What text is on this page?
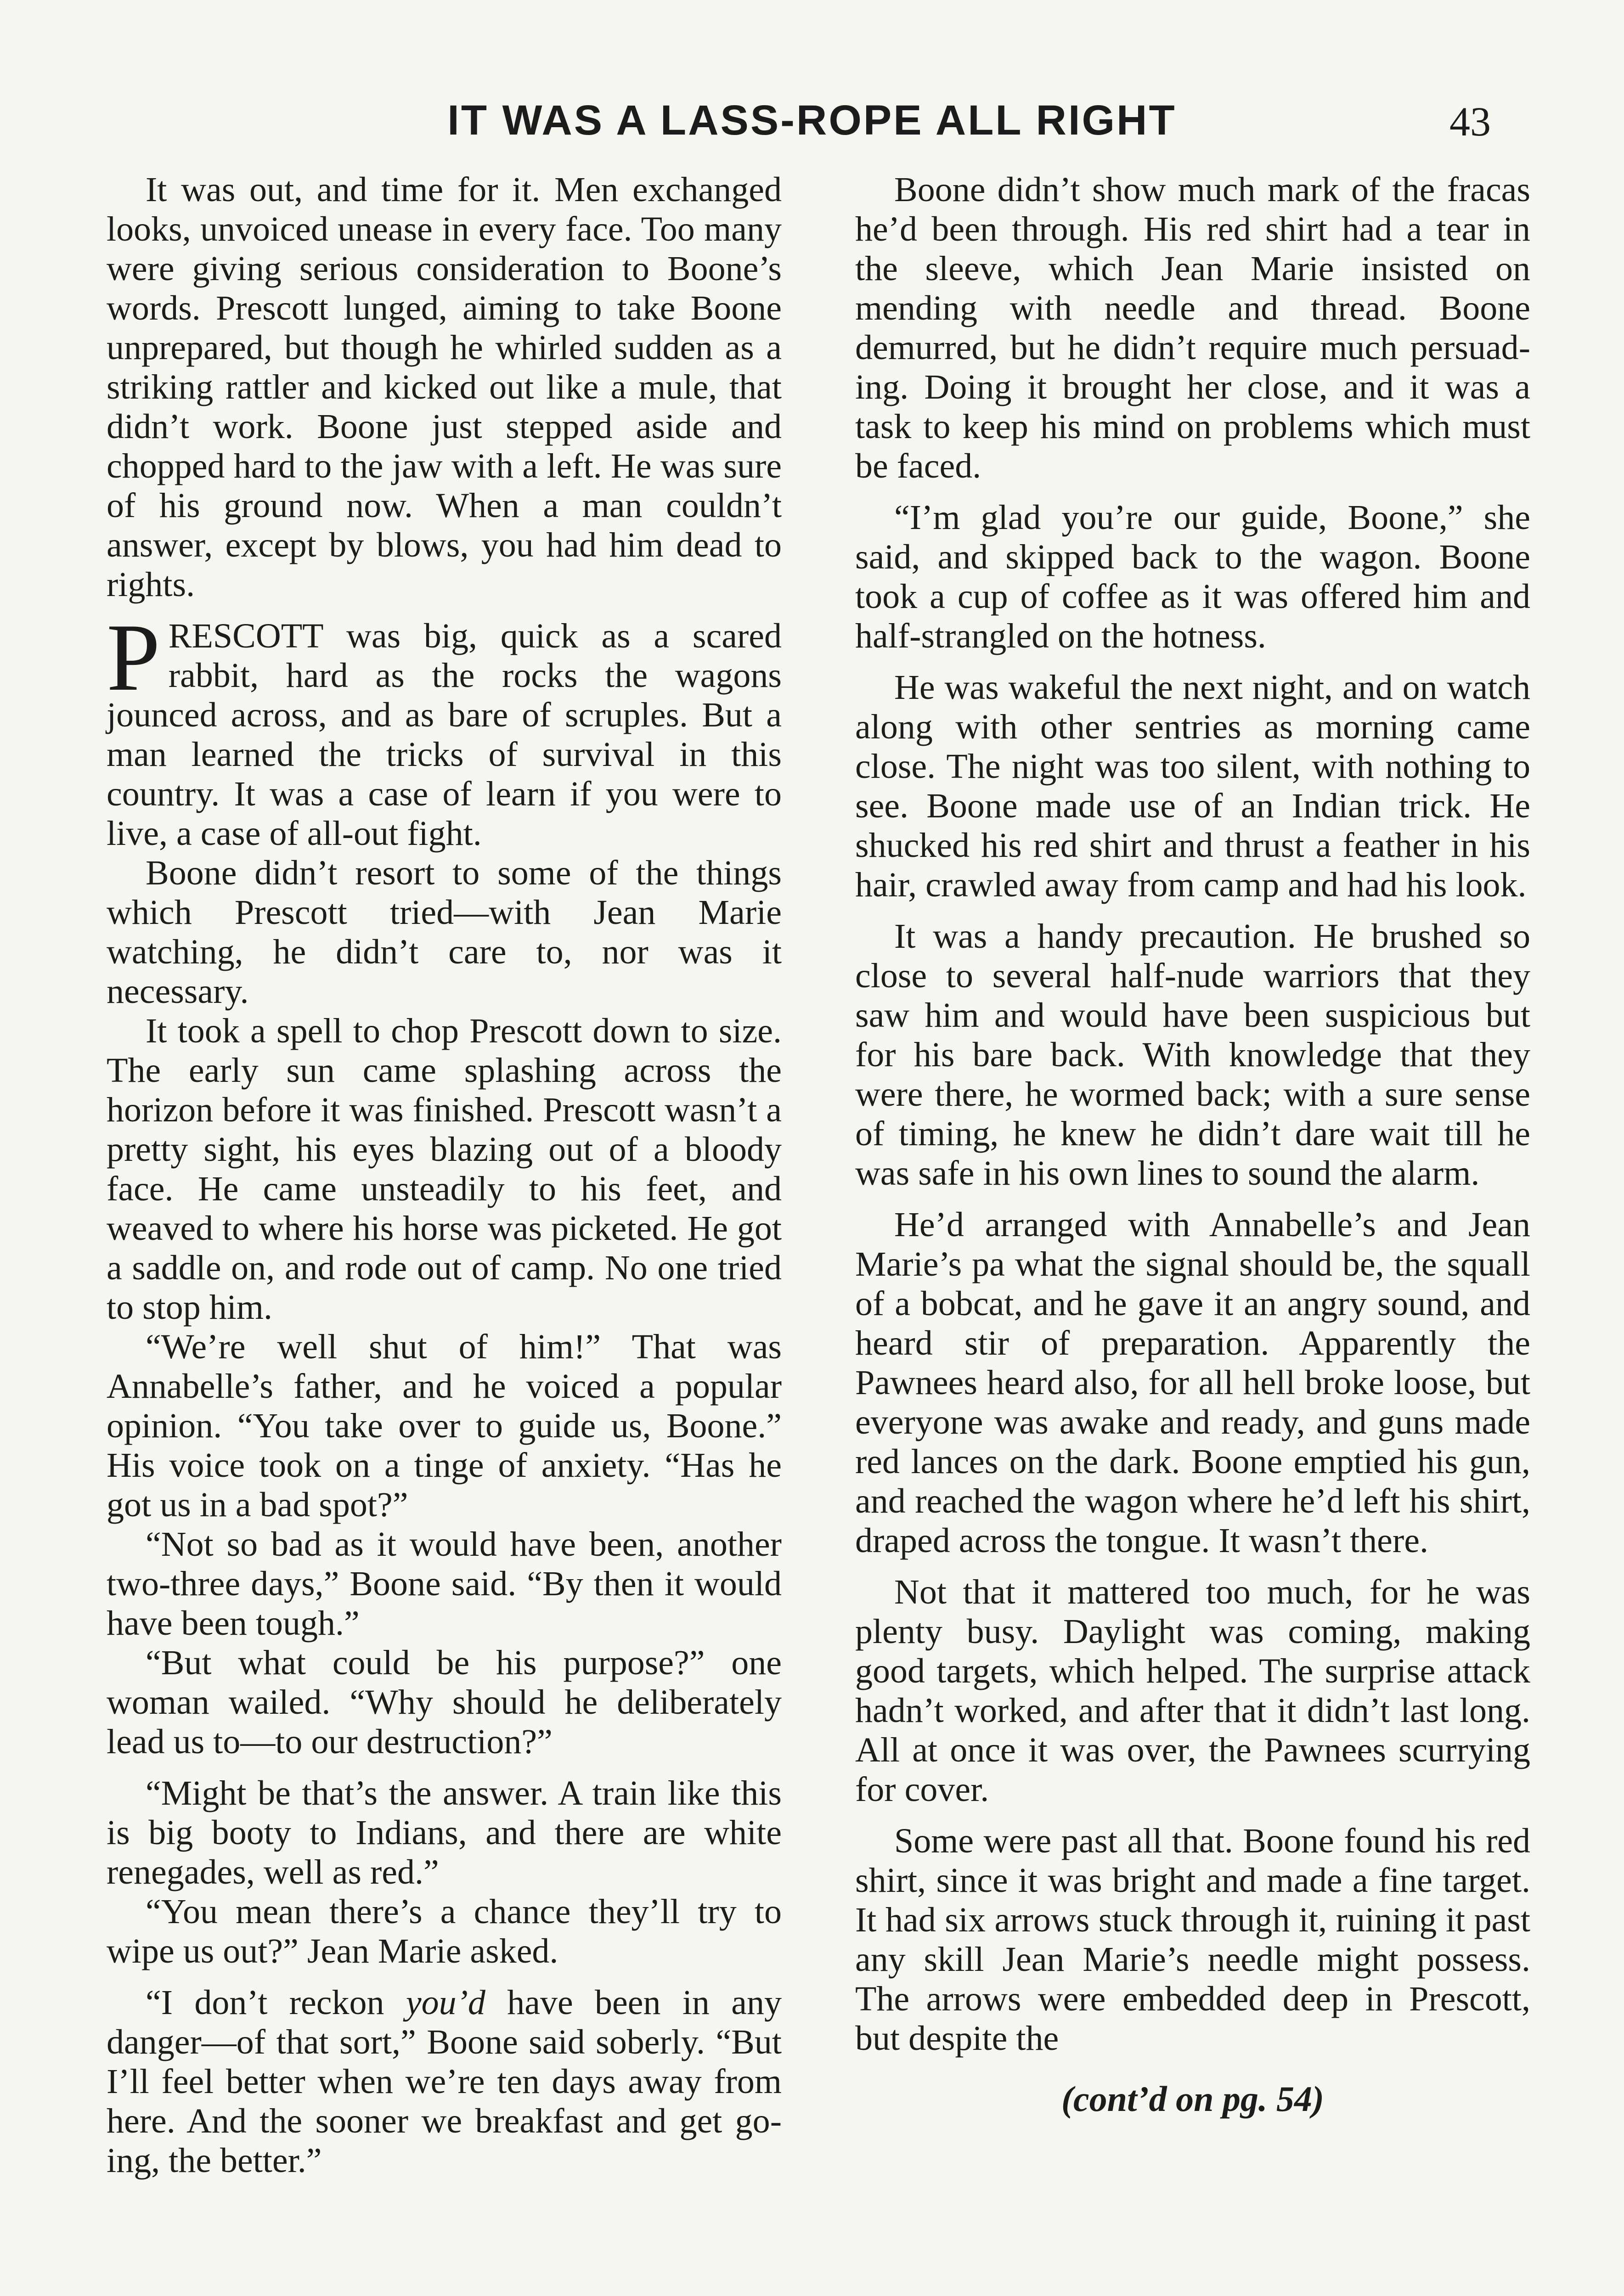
IT WAS A LASS-ROPE ALL RIGHT	43

It was out, and time for it. Men exchanged looks, unvoiced unease in every face. Too many were giving serious consideration to Boone’s words. Prescott lunged, aiming to take Boone unprepared, but though he whirled sudden as a striking rattler and kicked out like a mule, that didn’t work. Boone just stepped aside and chopped hard to the jaw with a left. He was sure of his ground now. When a man couldn’t answer, except by blows, you had him dead to rights.

PRESCOTT was big, quick as a scared rabbit, hard as the rocks the wagons jounced across, and as bare of scruples. But a man learned the tricks of survival in this country. It was a case of learn if you were to live, a case of all-out fight.

Boone didn’t resort to some of the things which Prescott tried—with Jean Marie watching, he didn’t care to, nor was it necessary.

It took a spell to chop Prescott down to size. The early sun came splashing across the horizon before it was finished. Prescott wasn’t a pretty sight, his eyes blazing out of a bloody face. He came unsteadily to his feet, and weaved to where his horse was picketed. He got a saddle on, and rode out of camp. No one tried to stop him.

“We’re well shut of him!” That was Annabelle’s father, and he voiced a popular opinion. “You take over to guide us, Boone.” His voice took on a tinge of anxiety. “Has he got us in a bad spot?”

“Not so bad as it would have been, another two-three days,” Boone said. “By then it would have been tough.”

“But what could be his purpose?” one woman wailed. “Why should he deliberately lead us to—to our destruction?”

“Might be that’s the answer. A train like this is big booty to Indians, and there are white renegades, well as red.”

“You mean there’s a chance they’ll try to wipe us out?” Jean Marie asked.

“I don’t reckon you’d have been in any danger—of that sort,” Boone said soberly. “But I’ll feel better when we’re ten days away from here. And the sooner we breakfast and get going, the better.”

Boone didn’t show much mark of the fracas he’d been through. His red shirt had a tear in the sleeve, which Jean Marie insisted on mending with needle and thread. Boone demurred, but he didn’t require much persuading. Doing it brought her close, and it was a task to keep his mind on problems which must be faced.

“I’m glad you’re our guide, Boone,” she said, and skipped back to the wagon. Boone took a cup of coffee as it was offered him and half-strangled on the hotness.

He was wakeful the next night, and on watch along with other sentries as morning came close. The night was too silent, with nothing to see. Boone made use of an Indian trick. He shucked his red shirt and thrust a feather in his hair, crawled away from camp and had his look.

It was a handy precaution. He brushed so close to several half-nude warriors that they saw him and would have been suspicious but for his bare back. With knowledge that they were there, he wormed back; with a sure sense of timing, he knew he didn’t dare wait till he was safe in his own lines to sound the alarm.

He’d arranged with Annabelle’s and Jean Marie’s pa what the signal should be, the squall of a bobcat, and he gave it an angry sound, and heard stir of preparation. Apparently the Pawnees heard also, for all hell broke loose, but everyone was awake and ready, and guns made red lances on the dark. Boone emptied his gun, and reached the wagon where he’d left his shirt, draped across the tongue. It wasn’t there.

Not that it mattered too much, for he was plenty busy. Daylight was coming, making good targets, which helped. The surprise attack hadn’t worked, and after that it didn’t last long. All at once it was over, the Pawnees scurrying for cover.

Some were past all that. Boone found his red shirt, since it was bright and made a fine target. It had six arrows stuck through it, ruining it past any skill Jean Marie’s needle might possess. The arrows were embedded deep in Prescott, but despite the

(cont’d on pg. 54)
